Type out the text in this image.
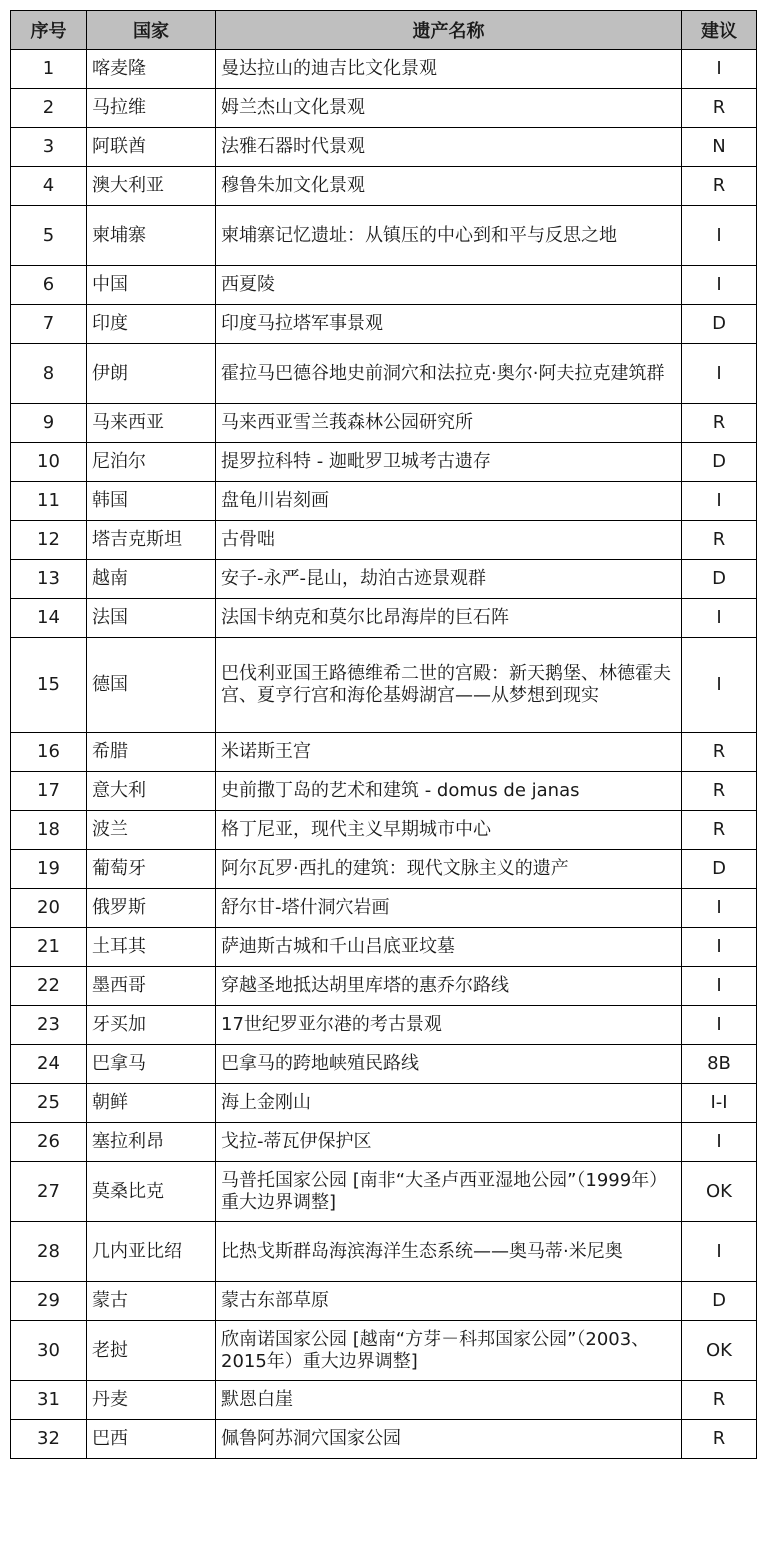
序号	国家	遗产名称	建议
1	喀麦隆	曼达拉山的迪吉比文化景观	I
2	马拉维	姆兰杰山文化景观	R
3	阿联酋	法雅石器时代景观	N
4	澳大利亚	穆鲁朱加文化景观	R
5	柬埔寨	柬埔寨记忆遗址：从镇压的中心到和平与反思之地	I
6	中国	西夏陵	I
7	印度	印度马拉塔军事景观	D
8	伊朗	霍拉马巴德谷地史前洞穴和法拉克·奥尔·阿夫拉克建筑群	I
9	马来西亚	马来西亚雪兰莪森林公园研究所	R
10	尼泊尔	提罗拉科特 - 迦毗罗卫城考古遗存	D
11	韩国	盘龟川岩刻画	I
12	塔吉克斯坦	古骨咄	R
13	越南	安子-永严-昆山，劫泊古迹景观群	D
14	法国	法国卡纳克和莫尔比昂海岸的巨石阵	I
15	德国	巴伐利亚国王路德维希二世的宫殿：新天鹅堡、林德霍夫宫、夏亨行宫和海伦基姆湖宫——从梦想到现实	I
16	希腊	米诺斯王宫	R
17	意大利	史前撒丁岛的艺术和建筑 - domus de janas	R
18	波兰	格丁尼亚，现代主义早期城市中心	R
19	葡萄牙	阿尔瓦罗·西扎的建筑：现代文脉主义的遗产	D
20	俄罗斯	舒尔甘-塔什洞穴岩画	I
21	土耳其	萨迪斯古城和千山吕底亚坟墓	I
22	墨西哥	穿越圣地抵达胡里库塔的惠乔尔路线	I
23	牙买加	17世纪罗亚尔港的考古景观	I
24	巴拿马	巴拿马的跨地峡殖民路线	8B
25	朝鲜	海上金刚山	I-I
26	塞拉利昂	戈拉-蒂瓦伊保护区	I
27	莫桑比克	马普托国家公园 [南非“大圣卢西亚湿地公园”（1999年）重大边界调整]	OK
28	几内亚比绍	比热戈斯群岛海滨海洋生态系统——奥马蒂·米尼奥	I
29	蒙古	蒙古东部草原	D
30	老挝	欣南诺国家公园 [越南“方芽－科邦国家公园”（2003、2015年）重大边界调整]	OK
31	丹麦	默恩白崖	R
32	巴西	佩鲁阿苏洞穴国家公园	R
